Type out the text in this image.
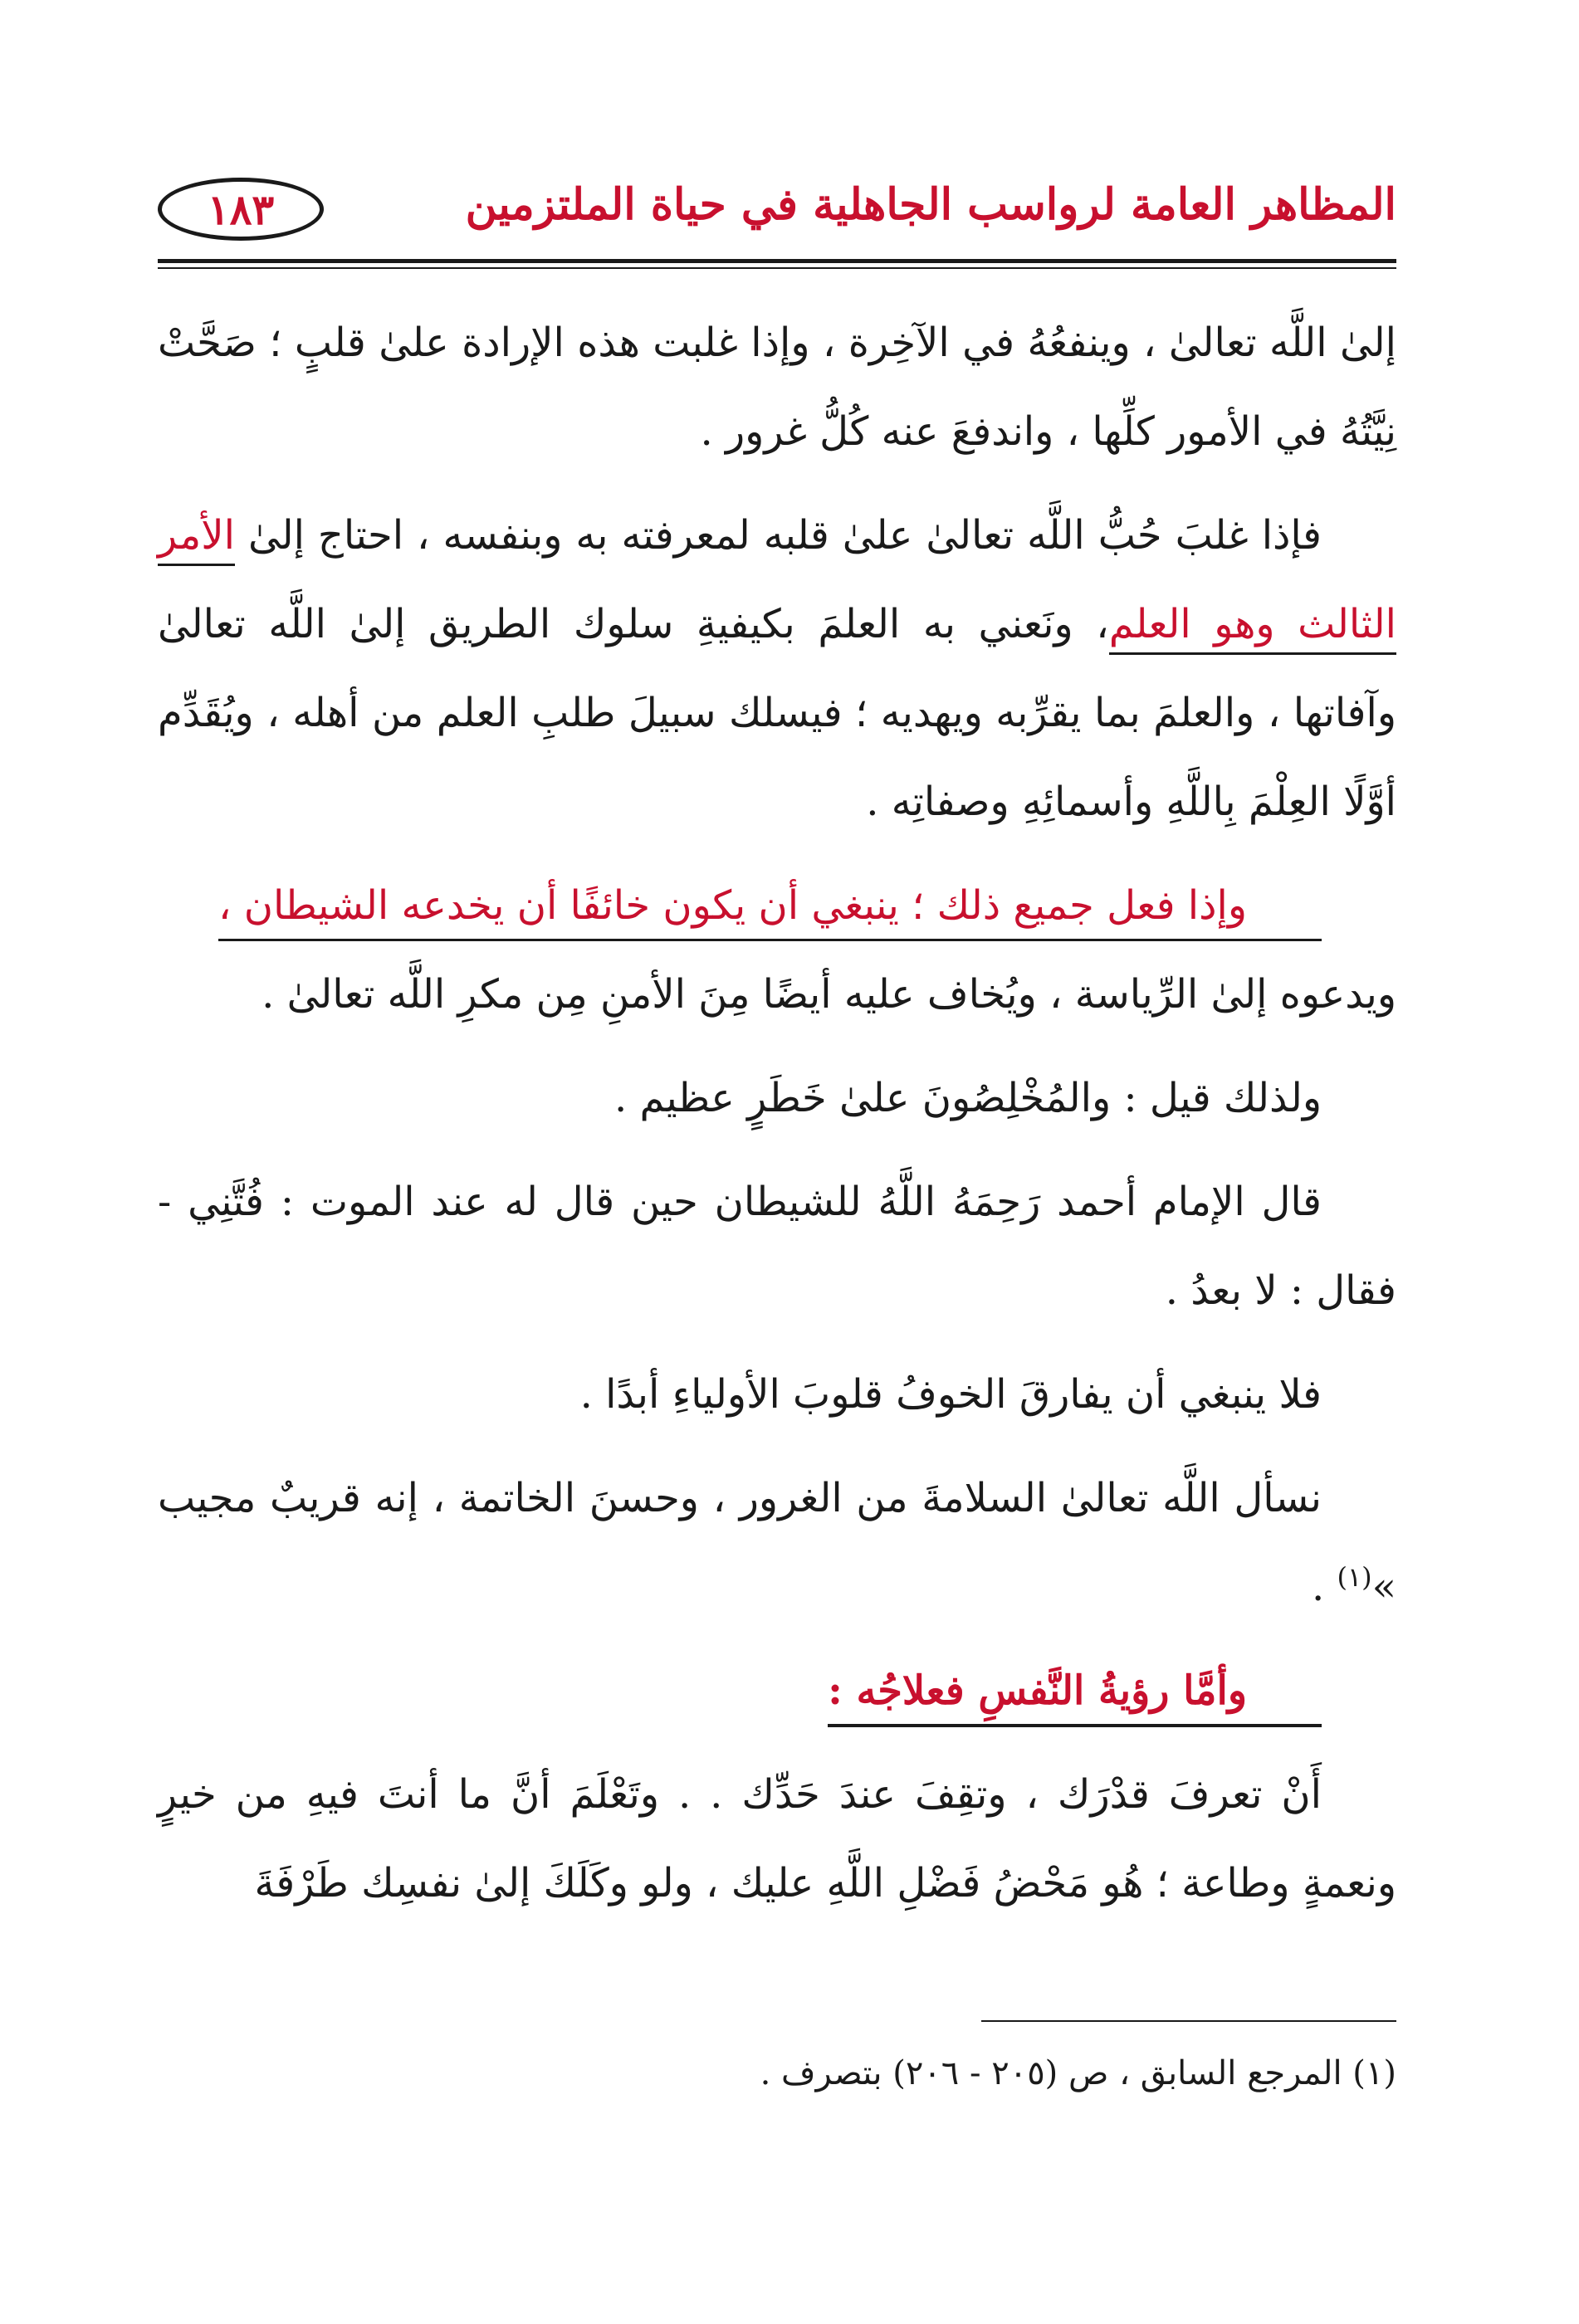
المظاهر العامة لرواسب الجاهلية في حياة الملتزمين
١٨٣

إلىٰ اللَّه تعالىٰ ، وينفعُهُ في الآخِرة ، وإذا غلبت هذه الإرادة علىٰ قلبٍ ؛ صَحَّتْ نِيَّتُهُ في الأمور كلِّها ، واندفعَ عنه كُلُّ غرور .

فإذا غلبَ حُبُّ اللَّه تعالىٰ علىٰ قلبه لمعرفته به وبنفسه ، احتاج إلىٰ الأمر الثالث وهو العلم، ونَعني به العلمَ بكيفيةِ سلوك الطريق إلىٰ اللَّه تعالىٰ وآفاتها ، والعلمَ بما يقرِّبه ويهديه ؛ فيسلك سبيلَ طلبِ العلم من أهله ، ويُقَدِّم أوَّلًا العِلْمَ بِاللَّهِ وأسمائِهِ وصفاتِه .

وإذا فعل جميع ذلك ؛ ينبغي أن يكون خائفًا أن يخدعه الشيطان ،
ويدعوه إلىٰ الرِّياسة ، ويُخاف عليه أيضًا مِنَ الأمنِ مِن مكرِ اللَّه تعالىٰ .

ولذلك قيل : والمُخْلِصُونَ علىٰ خَطَرٍ عظيم .

قال الإمام أحمد رَحِمَهُ اللَّهُ للشيطان حين قال له عند الموت : فُتَّنِي - فقال : لا بعدُ .

فلا ينبغي أن يفارقَ الخوفُ قلوبَ الأولياءِ أبدًا .

نسأل اللَّه تعالىٰ السلامةَ من الغرور ، وحسنَ الخاتمة ، إنه قريبٌ مجيب »$^{(١)}$ .

وأمَّا رؤيةُ النَّفسِ فعلاجُه :

أَنْ تعرفَ قدْرَك ، وتقِفَ عندَ حَدِّك . . وتَعْلَمَ أنَّ ما أنتَ فيهِ من خيرٍ ونعمةٍ وطاعة ؛ هُو مَحْضُ فَضْلِ اللَّهِ عليك ، ولو وكَلَكَ إلىٰ نفسِك طَرْفَةَ

(١) المرجع السابق ، ص (٢٠٥ - ٢٠٦) بتصرف .
